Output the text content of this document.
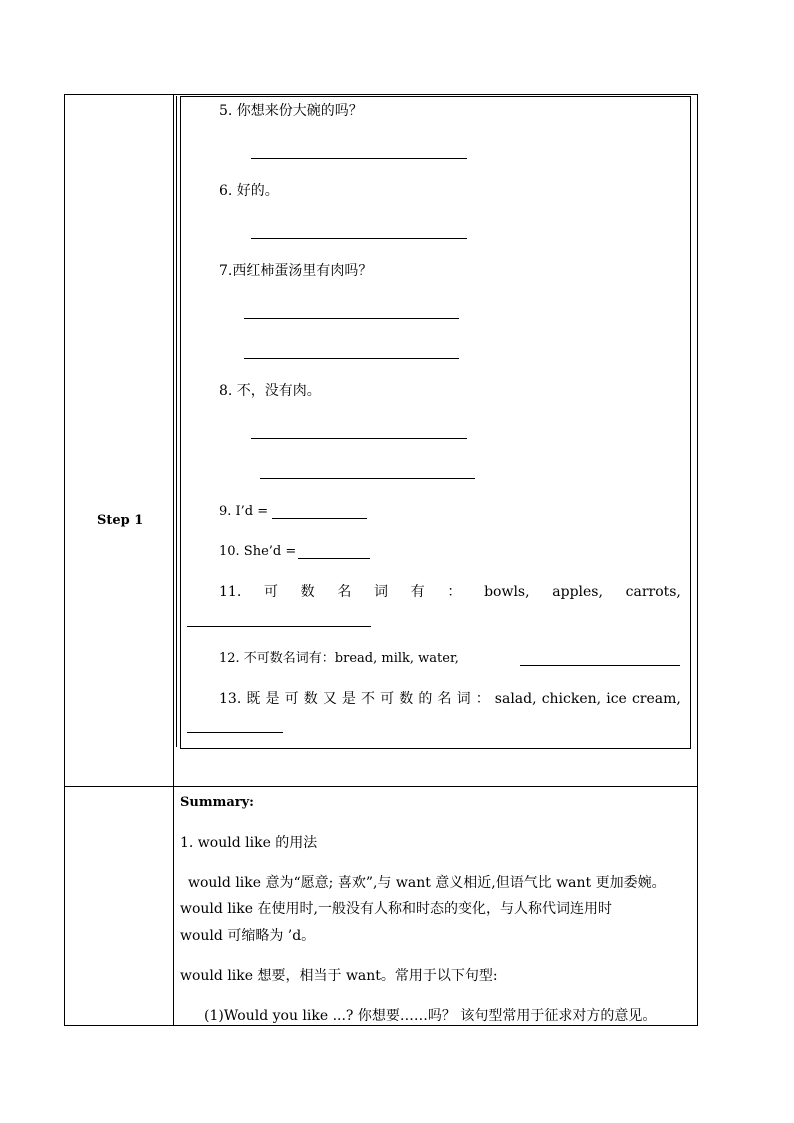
Step 1
5. 你想来份大碗的吗？
6. 好的。
7.西红柿蛋汤里有肉吗？
8. 不，没有肉。
9. I’d =
10. She’d =
11. 可 数 名 词 有 ： bowls, apples, carrots,
12. 不可数名词有：bread, milk, water,
13. 既 是 可 数 又 是 不 可 数 的 名 词 ： salad, chicken, ice cream,
Summary:
1. would like 的用法
would like 意为“愿意; 喜欢”,与 want 意义相近,但语气比 want 更加委婉。
would like 在使用时,一般没有人称和时态的变化，与人称代词连用时
would 可缩略为 ’d。
would like 想要，相当于 want。常用于以下句型:
(1)Would you like ...? 你想要……吗？ 该句型常用于征求对方的意见。
